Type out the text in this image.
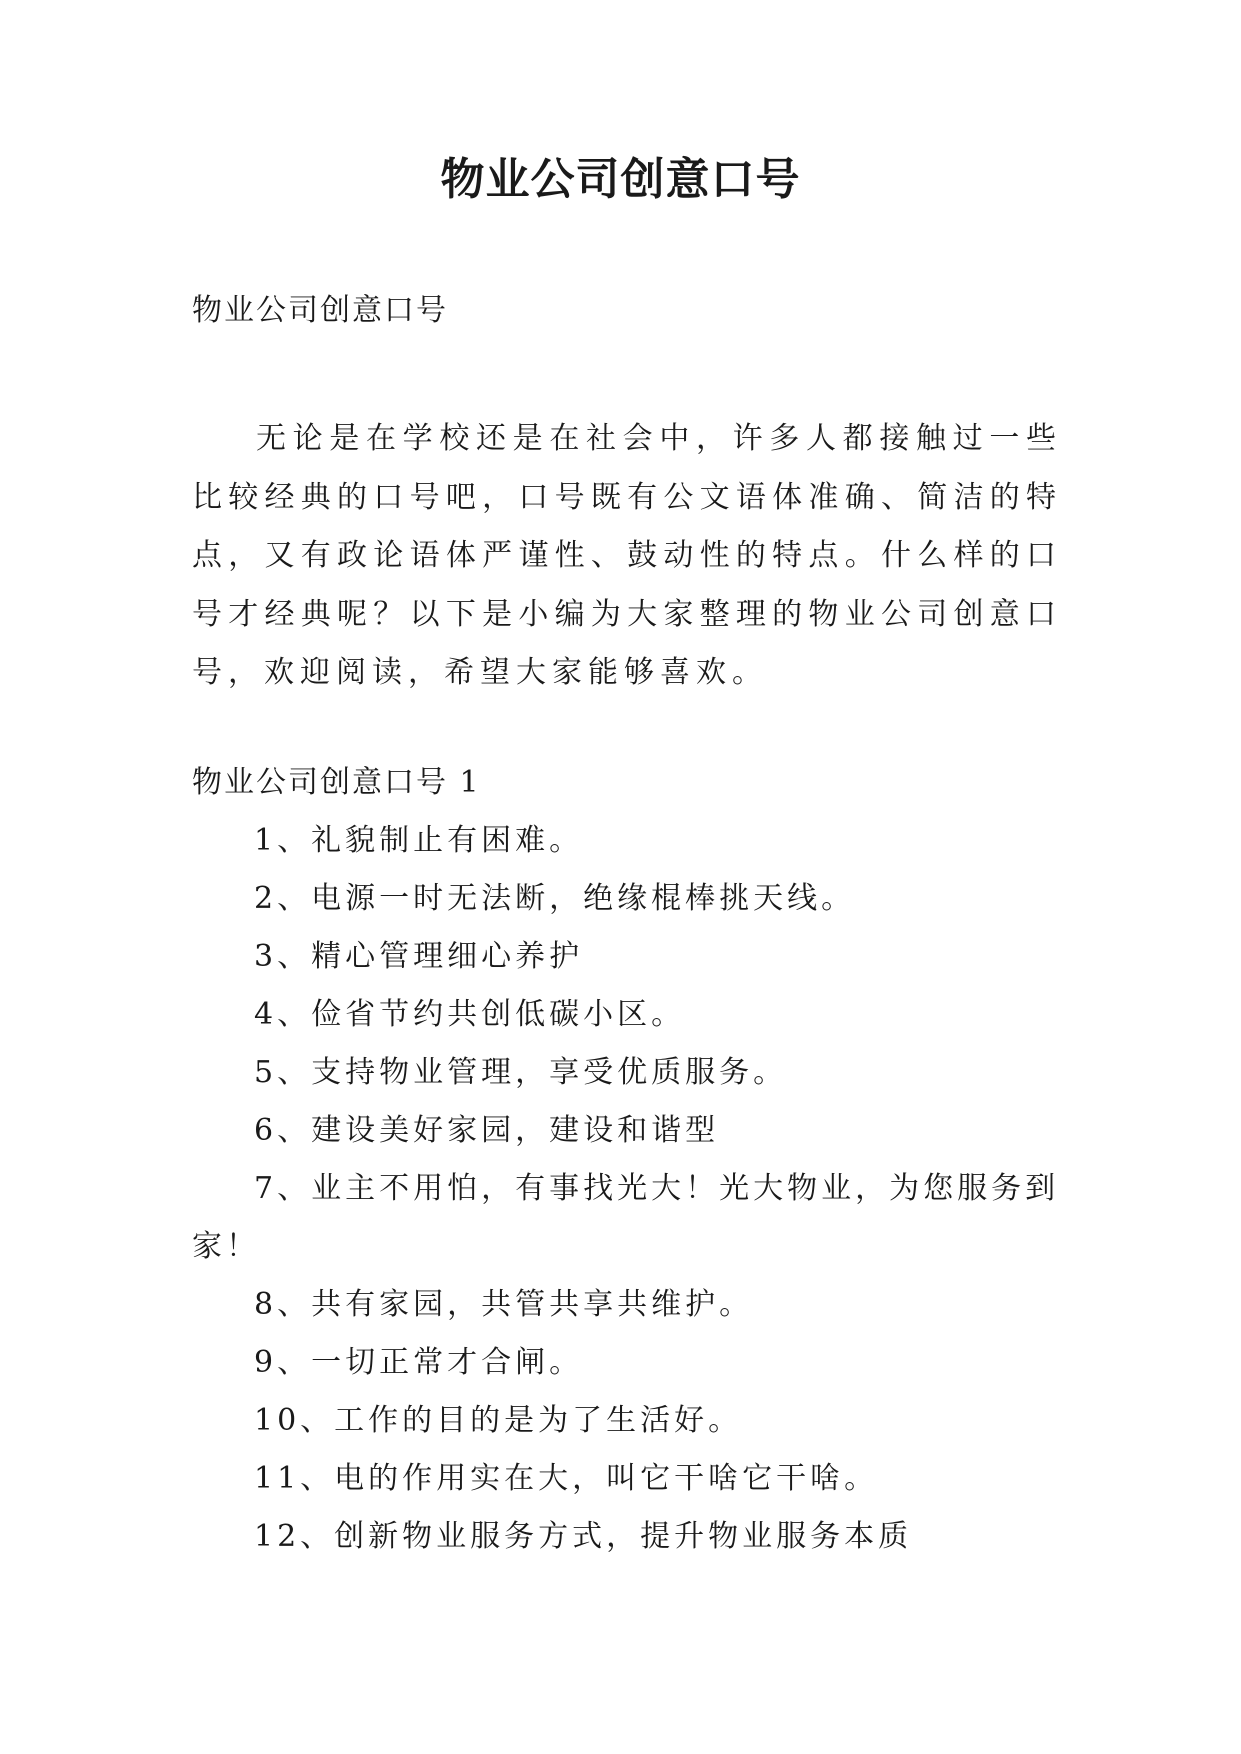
物业公司创意口号

物业公司创意口号

无论是在学校还是在社会中，许多人都接触过一些比较经典的口号吧，口号既有公文语体准确、简洁的特点，又有政论语体严谨性、鼓动性的特点。什么样的口号才经典呢？以下是小编为大家整理的物业公司创意口号，欢迎阅读，希望大家能够喜欢。

物业公司创意口号 1

1、礼貌制止有困难。
2、电源一时无法断，绝缘棍棒挑天线。
3、精心管理细心养护
4、俭省节约共创低碳小区。
5、支持物业管理，享受优质服务。
6、建设美好家园，建设和谐型
7、业主不用怕，有事找光大！光大物业，为您服务到家！
8、共有家园，共管共享共维护。
9、一切正常才合闸。
10、工作的目的是为了生活好。
11、电的作用实在大，叫它干啥它干啥。
12、创新物业服务方式，提升物业服务本质
